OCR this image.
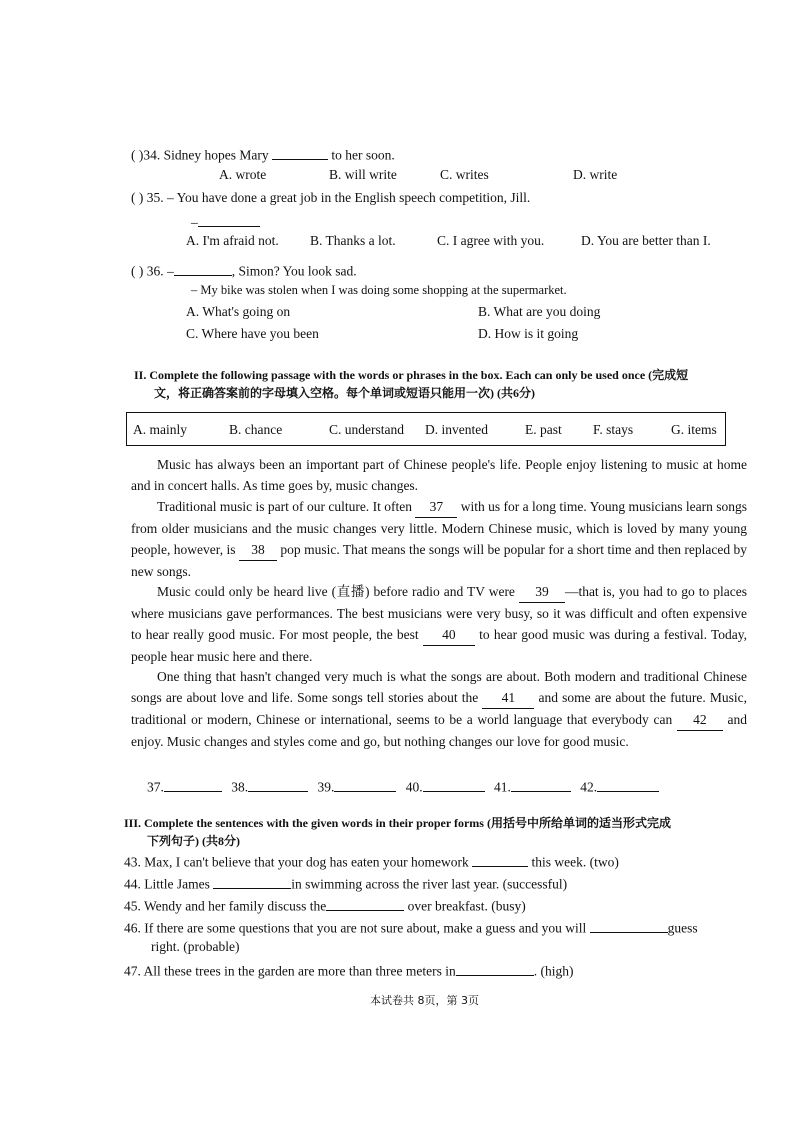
( )34. Sidney hopes Mary	to her soon.
A. wrote	B. will write	C. writes	D. write
( ) 35. – You have done a great job in the English speech competition, Jill.
–
A. I'm afraid not. B. Thanks a lot.	C. I agree with you.	D. You are better than I.
( ) 36. –	, Simon? You look sad.
– My bike was stolen when I was doing some shopping at the supermarket.
A. What's going on	B. What are you doing
C. Where have you been	D. How is it going
II. Complete the following passage with the words or phrases in the box. Each can only be used once (完成短
文，将正确答案前的字母填入空格。每个单词或短语只能用一次) (共6分)
A. mainly	B. chance	C. understand D. invented	E. past F. stays	G. items
Music has always been an important part of Chinese people's life. People enjoy listening to music at home and in concert halls. As time goes by, music changes.
Traditional music is part of our culture. It often 37 with us for a long time. Young musicians learn songs from older musicians and the music changes very little. Modern Chinese music, which is loved by many young people, however, is 38 pop music. That means the songs will be popular for a short time and then replaced by new songs.
Music could only be heard live (直播) before radio and TV were 39 —that is, you had to go to places where musicians gave performances. The best musicians were very busy, so it was difficult and often expensive to hear really good music. For most people, the best 40 to hear good music was during a festival. Today, people hear music here and there.
One thing that hasn't changed very much is what the songs are about. Both modern and traditional Chinese songs are about love and life. Some songs tell stories about the 41 and some are about the future. Music, traditional or modern, Chinese or international, seems to be a world language that everybody can 42 and enjoy. Music changes and styles come and go, but nothing changes our love for good music.
37.	38.	39.	40.	41.	42.
III. Complete the sentences with the given words in their proper forms (用括号中所给单词的适当形式完成
下列句子) (共8分)
43. Max, I can't believe that your dog has eaten your homework	this week. (two)
44. Little James	in swimming across the river last year. (successful)
45. Wendy and her family discuss the	over breakfast. (busy)
46. If there are some questions that you are not sure about, make a guess and you will	guess
right. (probable)
47. All these trees in the garden are more than three meters in	. (high)
本试卷共 8页，第 3页
